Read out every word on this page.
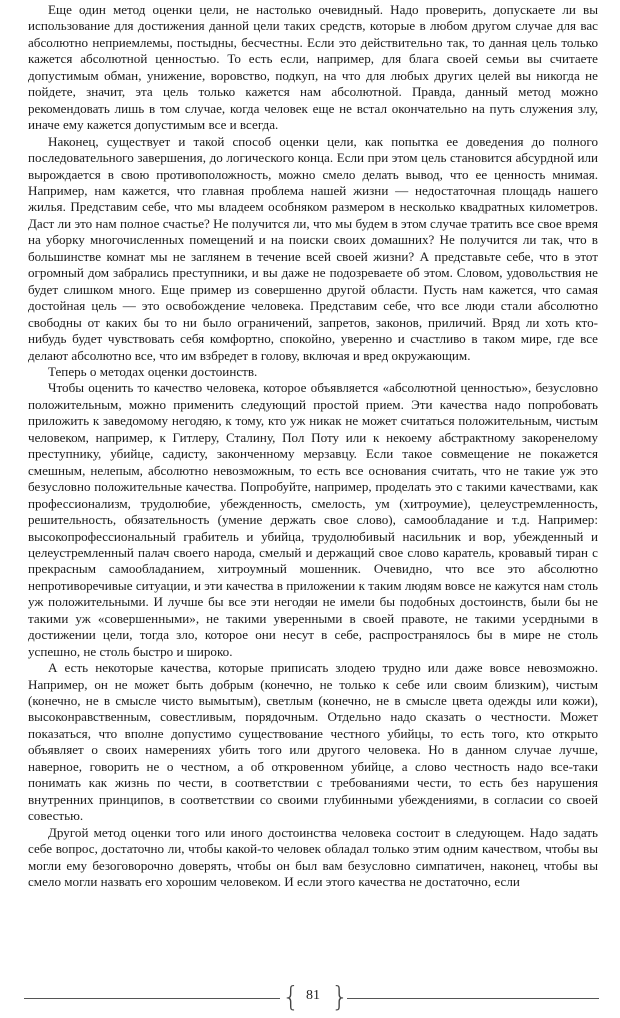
Еще один метод оценки цели, не настолько очевидный. Надо проверить, допускаете ли вы использование для достижения данной цели таких средств, которые в любом другом случае для вас абсолютно неприемлемы, постыдны, бесчестны. Если это действительно так, то данная цель только кажется абсолютной ценностью. То есть если, например, для блага своей семьи вы считаете допустимым обман, унижение, воровство, подкуп, на что для любых других целей вы никогда не пойдете, значит, эта цель только кажется нам абсолютной. Правда, данный метод можно рекомендовать лишь в том случае, когда человек еще не встал окончательно на путь служения злу, иначе ему кажется допустимым все и всегда.

Наконец, существует и такой способ оценки цели, как попытка ее доведения до полного последовательного завершения, до логического конца. Если при этом цель становится абсурдной или вырождается в свою противоположность, можно смело делать вывод, что ее ценность мнимая. Например, нам кажется, что главная проблема нашей жизни — недостаточная площадь нашего жилья. Представим себе, что мы владеем особняком размером в несколько квадратных километров. Даст ли это нам полное счастье? Не получится ли, что мы будем в этом случае тратить все свое время на уборку многочисленных помещений и на поиски своих домашних? Не получится ли так, что в большинстве комнат мы не заглянем в течение всей своей жизни? А представьте себе, что в этот огромный дом забрались преступники, и вы даже не подозреваете об этом. Словом, удовольствия не будет слишком много. Еще пример из совершенно другой области. Пусть нам кажется, что самая достойная цель — это освобождение человека. Представим себе, что все люди стали абсолютно свободны от каких бы то ни было ограничений, запретов, законов, приличий. Вряд ли хоть кто-нибудь будет чувствовать себя комфортно, спокойно, уверенно и счастливо в таком мире, где все делают абсолютно все, что им взбредет в голову, включая и вред окружающим.

Теперь о методах оценки достоинств.

Чтобы оценить то качество человека, которое объявляется «абсолютной ценностью», безусловно положительным, можно применить следующий простой прием. Эти качества надо попробовать приложить к заведомому негодяю, к тому, кто уж никак не может считаться положительным, чистым человеком, например, к Гитлеру, Сталину, Пол Поту или к некоему абстрактному закоренелому преступнику, убийце, садисту, законченному мерзавцу. Если такое совмещение не покажется смешным, нелепым, абсолютно невозможным, то есть все основания считать, что не такие уж это безусловно положительные качества. Попробуйте, например, проделать это с такими качествами, как профессионализм, трудолюбие, убежденность, смелость, ум (хитроумие), целеустремленность, решительность, обязательность (умение держать свое слово), самообладание и т.д. Например: высокопрофессиональный грабитель и убийца, трудолюбивый насильник и вор, убежденный и целеустремленный палач своего народа, смелый и держащий свое слово каратель, кровавый тиран с прекрасным самообладанием, хитроумный мошенник. Очевидно, что все это абсолютно непротиворечивые ситуации, и эти качества в приложении к таким людям вовсе не кажутся нам столь уж положительными. И лучше бы все эти негодяи не имели бы подобных достоинств, были бы не такими уж «совершенными», не такими уверенными в своей правоте, не такими усердными в достижении цели, тогда зло, которое они несут в себе, распространялось бы в мире не столь успешно, не столь быстро и широко.

А есть некоторые качества, которые приписать злодею трудно или даже вовсе невозможно. Например, он не может быть добрым (конечно, не только к себе или своим близким), чистым (конечно, не в смысле чисто вымытым), светлым (конечно, не в смысле цвета одежды или кожи), высоконравственным, совестливым, порядочным. Отдельно надо сказать о честности. Может показаться, что вполне допустимо существование честного убийцы, то есть того, кто открыто объявляет о своих намерениях убить того или другого человека. Но в данном случае лучше, наверное, говорить не о честном, а об откровенном убийце, а слово честность надо все-таки понимать как жизнь по чести, в соответствии с требованиями чести, то есть без нарушения внутренних принципов, в соответствии со своими глубинными убеждениями, в согласии со своей совестью.

Другой метод оценки того или иного достоинства человека состоит в следующем. Надо задать себе вопрос, достаточно ли, чтобы какой-то человек обладал только этим одним качеством, чтобы вы могли ему безоговорочно доверять, чтобы он был вам безусловно симпатичен, наконец, чтобы вы смело могли назвать его хорошим человеком. И если этого качества не достаточно, если

{ 81 }
